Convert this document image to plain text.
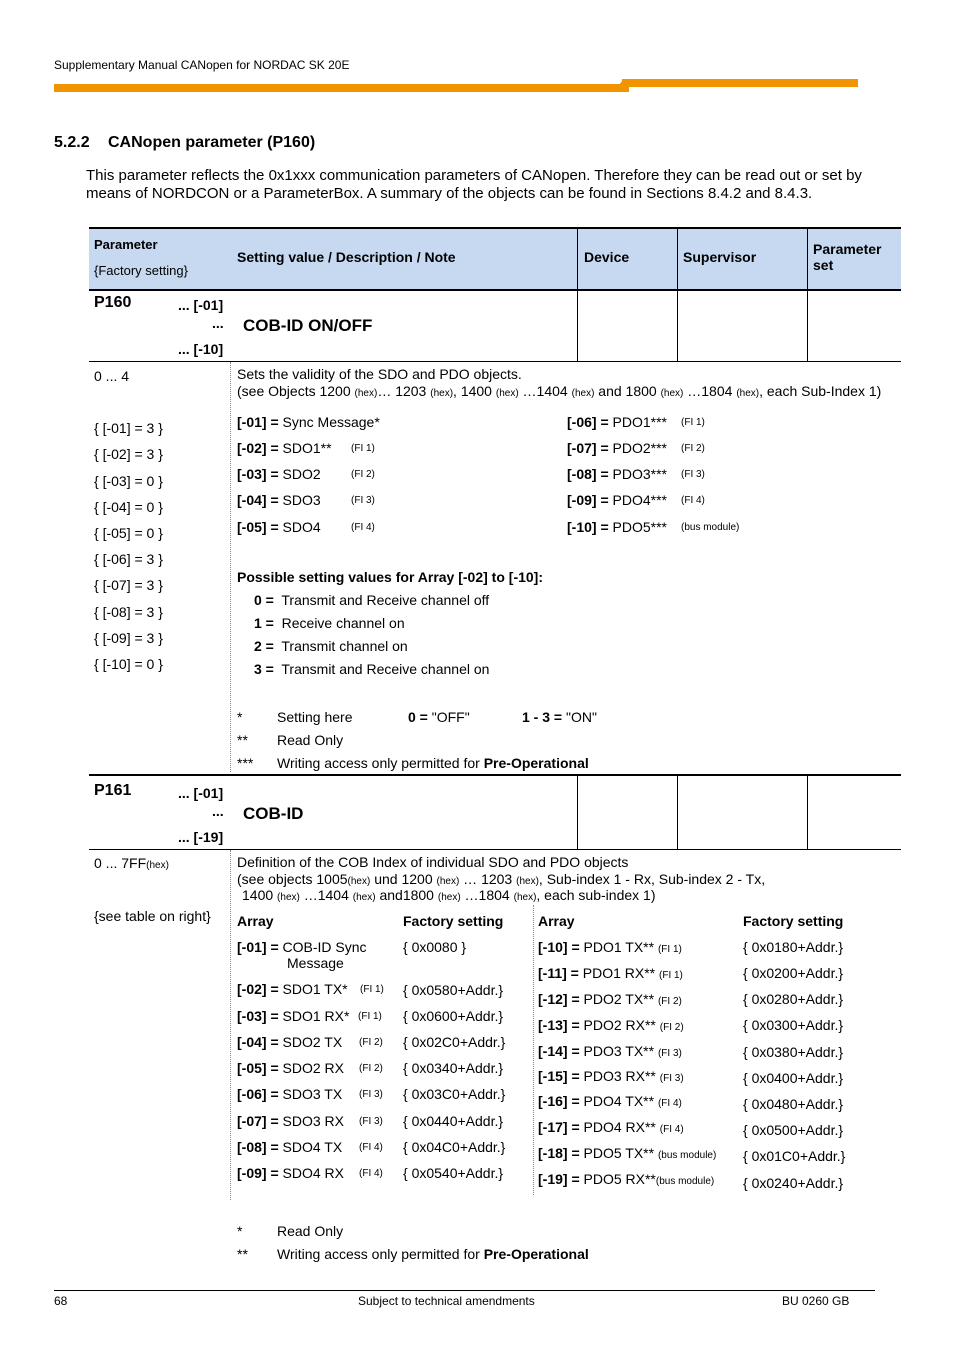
Supplementary Manual CANopen for NORDAC SK 20E
5.2.2 CANopen parameter (P160)
This parameter reflects the 0x1xxx communication parameters of CANopen. Therefore they can be read out or set by means of NORDCON or a ParameterBox. A summary of the objects can be found in Sections 8.4.2 and 8.4.3.
Parameter
{Factory setting}
Setting value / Description / Note	Device	Supervisor	Parameter set
P160	... [-01]
...
... [-10]
COB-ID ON/OFF
0 ... 4	Sets the validity of the SDO and PDO objects.
(see Objects 1200 (hex)… 1203 (hex), 1400 (hex) …1404 (hex) and 1800 (hex) …1804 (hex), each Sub-Index 1)
{ [-01] = 3 }
{ [-02] = 3 }
{ [-03] = 0 }
{ [-04] = 0 }
{ [-05] = 0 }
{ [-06] = 3 }
{ [-07] = 3 }
{ [-08] = 3 }
{ [-09] = 3 }
{ [-10] = 0 }
[-01] = Sync Message*
[-02] = SDO1** (FI 1)
[-03] = SDO2	(FI 2)
[-04] = SDO3	(FI 3)
[-05] = SDO4	(FI 4)
[-06] = PDO1*** (FI 1)
[-07] = PDO2*** (FI 2)
[-08] = PDO3*** (FI 3)
[-09] = PDO4*** (FI 4)
[-10] = PDO5*** (bus module)
Possible setting values for Array [-02] to [-10]:
0 = Transmit and Receive channel off
1 = Receive channel on
2 = Transmit channel on
3 = Transmit and Receive channel on
* Setting here	0 = "OFF"	1 - 3 = "ON"
** Read Only
*** Writing access only permitted for Pre-Operational
P161	... [-01]
...
... [-19]
COB-ID
0 ... 7FF(hex)
{see table on right}
Definition of the COB Index of individual SDO and PDO objects
(see objects 1005(hex) und 1200 (hex) … 1203 (hex), Sub-index 1 - Rx, Sub-index 2 - Tx,
1400 (hex) …1404 (hex) and1800 (hex) …1804 (hex), each sub-index 1)
Array	Factory setting Array	Factory setting
[-01] = COB-ID Sync
Message
{ 0x0080 }
[-02] = SDO1 TX* (FI 1) { 0x0580+Addr.}
[-03] = SDO1 RX* (FI 1) { 0x0600+Addr.}
[-04] = SDO2 TX (FI 2) { 0x02C0+Addr.}
[-05] = SDO2 RX (FI 2) { 0x0340+Addr.}
[-06] = SDO3 TX (FI 3) { 0x03C0+Addr.}
[-07] = SDO3 RX (FI 3) { 0x0440+Addr.}
[-08] = SDO4 TX (FI 4) { 0x04C0+Addr.}
[-09] = SDO4 RX (FI 4) { 0x0540+Addr.}
[-10] = PDO1 TX** (FI 1)	{ 0x0180+Addr.}
[-11] = PDO1 RX** (FI 1)	{ 0x0200+Addr.}
[-12] = PDO2 TX** (FI 2)	{ 0x0280+Addr.}
[-13] = PDO2 RX** (FI 2)	{ 0x0300+Addr.}
[-14] = PDO3 TX** (FI 3)	{ 0x0380+Addr.}
[-15] = PDO3 RX** (FI 3)	{ 0x0400+Addr.}
[-16] = PDO4 TX** (FI 4)	{ 0x0480+Addr.}
[-17] = PDO4 RX** (FI 4)	{ 0x0500+Addr.}
[-18] = PDO5 TX** (bus module) { 0x01C0+Addr.}
[-19] = PDO5 RX**(bus module) { 0x0240+Addr.}
* Read Only
** Writing access only permitted for Pre-Operational
68	Subject to technical amendments	BU 0260 GB
